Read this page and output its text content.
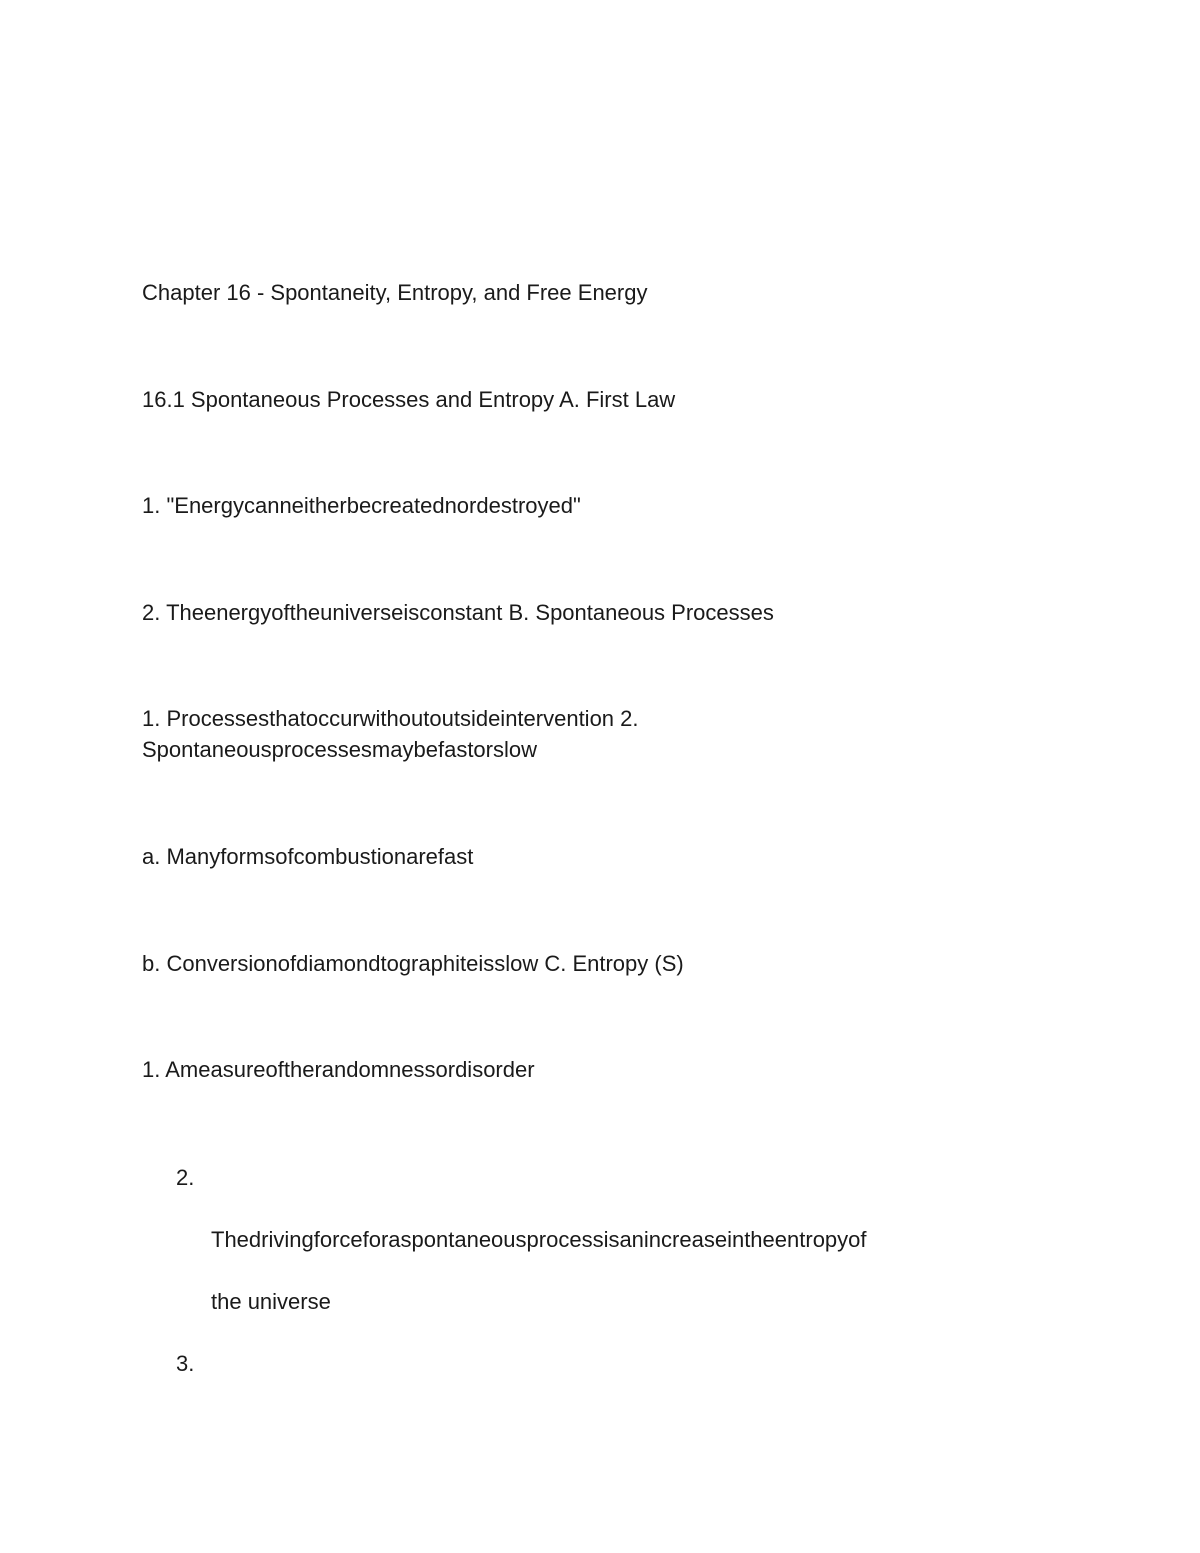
Chapter 16 - Spontaneity, Entropy, and Free Energy
16.1 Spontaneous Processes and Entropy A. First Law
1. "Energycanneitherbecreatednordestroyed"
2. Theenergyoftheuniverseisconstant B. Spontaneous Processes
1. Processesthatoccurwithoutoutsideintervention 2.
Spontaneousprocessesmaybefastorslow
a. Manyformsofcombustionarefast
b. Conversionofdiamondtographiteisslow C. Entropy (S)
1. Ameasureoftherandomnessordisorder
2.
Thedrivingforceforaspontaneousprocessisanincreaseintheentropyof
the universe
3.
